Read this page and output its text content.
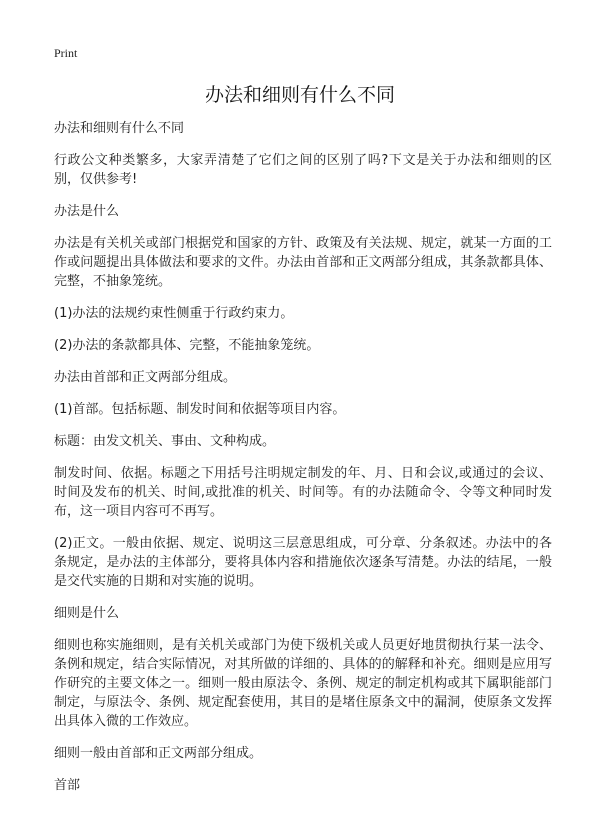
Print
办法和细则有什么不同

办法和细则有什么不同

行政公文种类繁多，大家弄清楚了它们之间的区别了吗?下文是关于办法和细则的区别，仅供参考!

办法是什么

办法是有关机关或部门根据党和国家的方针、政策及有关法规、规定，就某一方面的工作或问题提出具体做法和要求的文件。办法由首部和正文两部分组成，其条款都具体、完整，不抽象笼统。

(1)办法的法规约束性侧重于行政约束力。

(2)办法的条款都具体、完整，不能抽象笼统。

办法由首部和正文两部分组成。

(1)首部。包括标题、制发时间和依据等项目内容。

标题：由发文机关、事由、文种构成。

制发时间、依据。标题之下用括号注明规定制发的年、月、日和会议,或通过的会议、时间及发布的机关、时间,或批准的机关、时间等。有的办法随命令、令等文种同时发布，这一项目内容可不再写。

(2)正文。一般由依据、规定、说明这三层意思组成，可分章、分条叙述。办法中的各条规定，是办法的主体部分，要将具体内容和措施依次逐条写清楚。办法的结尾，一般是交代实施的日期和对实施的说明。

细则是什么

细则也称实施细则，是有关机关或部门为使下级机关或人员更好地贯彻执行某一法令、条例和规定，结合实际情况，对其所做的详细的、具体的的解释和补充。细则是应用写作研究的主要文体之一。细则一般由原法令、条例、规定的制定机构或其下属职能部门制定，与原法令、条例、规定配套使用，其目的是堵住原条文中的漏洞，使原条文发挥出具体入微的工作效应。

细则一般由首部和正文两部分组成。

首部
